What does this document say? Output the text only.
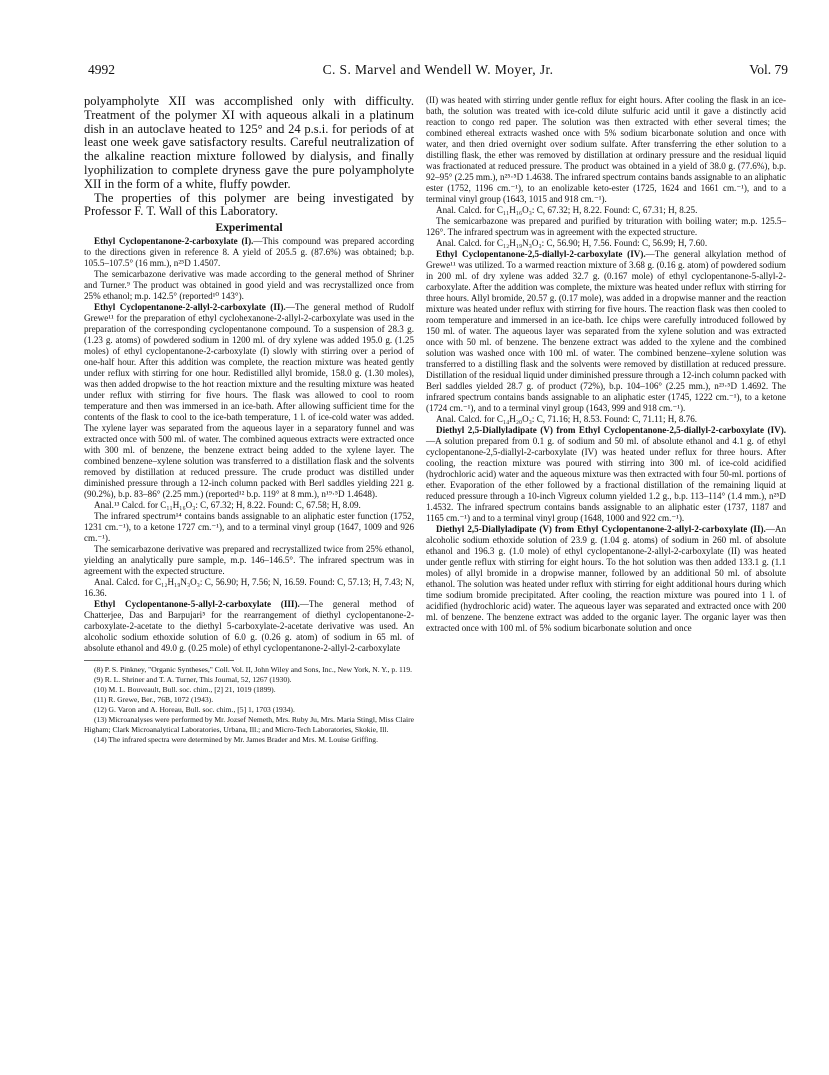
4992	C. S. Marvel and Wendell W. Moyer, Jr.	Vol. 79

polyampholyte XII was accomplished only with difficulty. Treatment of the polymer XI with aqueous alkali in a platinum dish in an autoclave heated to 125° and 24 p.s.i. for periods of at least one week gave satisfactory results. Careful neutralization of the alkaline reaction mixture followed by dialysis, and finally lyophilization to complete dryness gave the pure polyampholyte XII in the form of a white, fluffy powder.

The properties of this polymer are being investigated by Professor F. T. Wall of this Laboratory.

Experimental

Ethyl Cyclopentanone-2-carboxylate (I).—This compound was prepared according to the directions given in reference 8. A yield of 205.5 g. (87.6%) was obtained; b.p. 105.5–107.5° (16 mm.), n²⁵D 1.4507.

The semicarbazone derivative was made according to the general method of Shriner and Turner.⁹ The product was obtained in good yield and was recrystallized once from 25% ethanol; m.p. 142.5° (reported¹⁰ 143°).

Ethyl Cyclopentanone-2-allyl-2-carboxylate (II).—The general method of Rudolf Grewe¹¹ for the preparation of ethyl cyclohexanone-2-allyl-2-carboxylate was used in the preparation of the corresponding cyclopentanone compound. To a suspension of 28.3 g. (1.23 g. atoms) of powdered sodium in 1200 ml. of dry xylene was added 195.0 g. (1.25 moles) of ethyl cyclopentanone-2-carboxylate (I) slowly with stirring over a period of one-half hour. After this addition was complete, the reaction mixture was heated gently under reflux with stirring for one hour. Redistilled allyl bromide, 158.0 g. (1.30 moles), was then added dropwise to the hot reaction mixture and the resulting mixture was heated under reflux with stirring for five hours. The flask was allowed to cool to room temperature and then was immersed in an ice-bath. After allowing sufficient time for the contents of the flask to cool to the ice-bath temperature, 1 l. of ice-cold water was added. The xylene layer was separated from the aqueous layer in a separatory funnel and was extracted once with 500 ml. of water. The combined aqueous extracts were extracted once with 300 ml. of benzene, the benzene extract being added to the xylene layer. The combined benzene–xylene solution was transferred to a distillation flask and the solvents removed by distillation at reduced pressure. The crude product was distilled under diminished pressure through a 12-inch column packed with Berl saddles yielding 221 g. (90.2%), b.p. 83–86° (2.25 mm.) (reported¹² b.p. 119° at 8 mm.), n¹⁹·⁵D 1.4648).

Anal.¹³ Calcd. for C₁₁H₁₆O₃: C, 67.32; H, 8.22. Found: C, 67.58; H, 8.09.

The infrared spectrum¹⁴ contains bands assignable to an aliphatic ester function (1752, 1231 cm.⁻¹), to a ketone 1727 cm.⁻¹), and to a terminal vinyl group (1647, 1009 and 926 cm.⁻¹).

The semicarbazone derivative was prepared and recrystallized twice from 25% ethanol, yielding an analytically pure sample, m.p. 146–146.5°. The infrared spectrum was in agreement with the expected structure.

Anal. Calcd. for C₁₂H₁₉N₃O₃: C, 56.90; H, 7.56; N, 16.59. Found: C, 57.13; H, 7.43; N, 16.36.

Ethyl Cyclopentanone-5-allyl-2-carboxylate (III).—The general method of Chatterjee, Das and Barpujari⁵ for the rearrangement of diethyl cyclopentanone-2-carboxylate-2-acetate to the diethyl 5-carboxylate-2-acetate derivative was used. An alcoholic sodium ethoxide solution of 6.0 g. (0.26 g. atom) of sodium in 65 ml. of absolute ethanol and 49.0 g. (0.25 mole) of ethyl cyclopentanone-2-allyl-2-carboxylate

(8) P. S. Pinkney, "Organic Syntheses," Coll. Vol. II, John Wiley and Sons, Inc., New York, N. Y., p. 119.

(9) R. L. Shriner and T. A. Turner, This Journal, 52, 1267 (1930).

(10) M. L. Bouveault, Bull. soc. chim., [2] 21, 1019 (1899).

(11) R. Grewe, Ber., 76B, 1072 (1943).

(12) G. Varon and A. Horeau, Bull. soc. chim., [5] 1, 1703 (1934).

(13) Microanalyses were performed by Mr. Jozsef Nemeth, Mrs. Ruby Ju, Mrs. Maria Stingl, Miss Claire Higham; Clark Microanalytical Laboratories, Urbana, Ill.; and Micro-Tech Laboratories, Skokie, Ill.

(14) The infrared spectra were determined by Mr. James Brader and Mrs. M. Louise Griffing.

(II) was heated with stirring under gentle reflux for eight hours. After cooling the flask in an ice-bath, the solution was treated with ice-cold dilute sulfuric acid until it gave a distinctly acid reaction to congo red paper. The solution was then extracted with ether several times; the combined ethereal extracts washed once with 5% sodium bicarbonate solution and once with water, and then dried overnight over sodium sulfate. After transferring the ether solution to a distilling flask, the ether was removed by distillation at ordinary pressure and the residual liquid was fractionated at reduced pressure. The product was obtained in a yield of 38.0 g. (77.6%), b.p. 92–95° (2.25 mm.), n²⁵·⁵D 1.4638. The infrared spectrum contains bands assignable to an aliphatic ester (1752, 1196 cm.⁻¹), to an enolizable keto-ester (1725, 1624 and 1661 cm.⁻¹), and to a terminal vinyl group (1643, 1015 and 918 cm.⁻¹).

Anal. Calcd. for C₁₁H₁₆O₃: C, 67.32; H, 8.22. Found: C, 67.31; H, 8.25.

The semicarbazone was prepared and purified by trituration with boiling water; m.p. 125.5–126°. The infrared spectrum was in agreement with the expected structure.

Anal. Calcd. for C₁₂H₁₉N₃O₃: C, 56.90; H, 7.56. Found: C, 56.99; H, 7.60.

Ethyl Cyclopentanone-2,5-diallyl-2-carboxylate (IV).—The general alkylation method of Grewe¹¹ was utilized. To a warmed reaction mixture of 3.68 g. (0.16 g. atom) of powdered sodium in 200 ml. of dry xylene was added 32.7 g. (0.167 mole) of ethyl cyclopentanone-5-allyl-2-carboxylate. After the addition was complete, the mixture was heated under reflux with stirring for three hours. Allyl bromide, 20.57 g. (0.17 mole), was added in a dropwise manner and the reaction mixture was heated under reflux with stirring for five hours. The reaction flask was then cooled to room temperature and immersed in an ice-bath. Ice chips were carefully introduced followed by 150 ml. of water. The aqueous layer was separated from the xylene solution and was extracted once with 50 ml. of benzene. The benzene extract was added to the xylene and the combined solution was washed once with 100 ml. of water. The combined benzene–xylene solution was transferred to a distilling flask and the solvents were removed by distillation at reduced pressure. Distillation of the residual liquid under diminished pressure through a 12-inch column packed with Berl saddles yielded 28.7 g. of product (72%), b.p. 104–106° (2.25 mm.), n²³·⁵D 1.4692. The infrared spectrum contains bands assignable to an aliphatic ester (1745, 1222 cm.⁻¹), to a ketone (1724 cm.⁻¹), and to a terminal vinyl group (1643, 999 and 918 cm.⁻¹).

Anal. Calcd. for C₁₄H₂₀O₃: C, 71.16; H, 8.53. Found: C, 71.11; H, 8.76.

Diethyl 2,5-Diallyladipate (V) from Ethyl Cyclopentanone-2,5-diallyl-2-carboxylate (IV).—A solution prepared from 0.1 g. of sodium and 50 ml. of absolute ethanol and 4.1 g. of ethyl cyclopentanone-2,5-diallyl-2-carboxylate (IV) was heated under reflux for three hours. After cooling, the reaction mixture was poured with stirring into 300 ml. of ice-cold acidified (hydrochloric acid) water and the aqueous mixture was then extracted with four 50-ml. portions of ether. Evaporation of the ether followed by a fractional distillation of the remaining liquid at reduced pressure through a 10-inch Vigreux column yielded 1.2 g., b.p. 113–114° (1.4 mm.), n²⁵D 1.4532. The infrared spectrum contains bands assignable to an aliphatic ester (1737, 1187 and 1165 cm.⁻¹) and to a terminal vinyl group (1648, 1000 and 922 cm.⁻¹).

Diethyl 2,5-Diallyladipate (V) from Ethyl Cyclopentanone-2-allyl-2-carboxylate (II).—An alcoholic sodium ethoxide solution of 23.9 g. (1.04 g. atoms) of sodium in 260 ml. of absolute ethanol and 196.3 g. (1.0 mole) of ethyl cyclopentanone-2-allyl-2-carboxylate (II) was heated under gentle reflux with stirring for eight hours. To the hot solution was then added 133.1 g. (1.1 moles) of allyl bromide in a dropwise manner, followed by an additional 50 ml. of absolute ethanol. The solution was heated under reflux with stirring for eight additional hours during which time sodium bromide precipitated. After cooling, the reaction mixture was poured into 1 l. of acidified (hydrochloric acid) water. The aqueous layer was separated and extracted once with 200 ml. of benzene. The benzene extract was added to the organic layer. The organic layer was then extracted once with 100 ml. of 5% sodium bicarbonate solution and once
